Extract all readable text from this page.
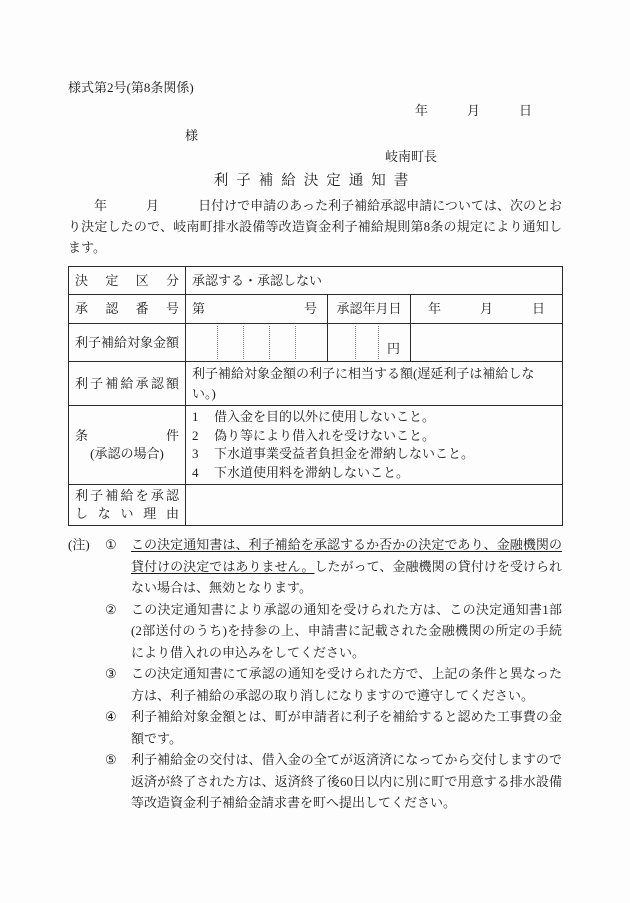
様式第2号(第8条関係)
年　　　月　　　日
様
岐南町長
利子補給決定通知書

　　年　　　月　　　日付けで申請のあった利子補給承認申請については、次のとおり決定したので、岐南町排水設備等改造資金利子補給規則第8条の規定により通知します。

決定区分	承認する・承認しない		
承認番号	第 号	承認年月日	年　　　月　　　日
利子補給対象金額		円	

利子補給承認額	利子補給対象金額の利子に相当する額(遅延利子は補給しない。)		

条件
(承認の場合)

1	借入金を目的以外に使用しないこと。
2	偽り等により借入れを受けないこと。
3	下水道事業受益者負担金を滞納しないこと。
4	下水道使用料を滞納しないこと。

利子補給を承認
しない理由			

(注)	①	この決定通知書は、利子補給を承認するか否かの決定であり、金融機関の貸付けの決定ではありません。したがって、金融機関の貸付けを受けられない場合は、無効となります。
②	この決定通知書により承認の通知を受けられた方は、この決定通知書1部(2部送付のうち)を持参の上、申請書に記載された金融機関の所定の手続により借入れの申込みをしてください。
③	この決定通知書にて承認の通知を受けられた方で、上記の条件と異なった方は、利子補給の承認の取り消しになりますので遵守してください。
④	利子補給対象金額とは、町が申請者に利子を補給すると認めた工事費の金額です。
⑤	利子補給金の交付は、借入金の全てが返済済になってから交付しますので返済が終了された方は、返済終了後60日以内に別に町で用意する排水設備等改造資金利子補給金請求書を町へ提出してください。
